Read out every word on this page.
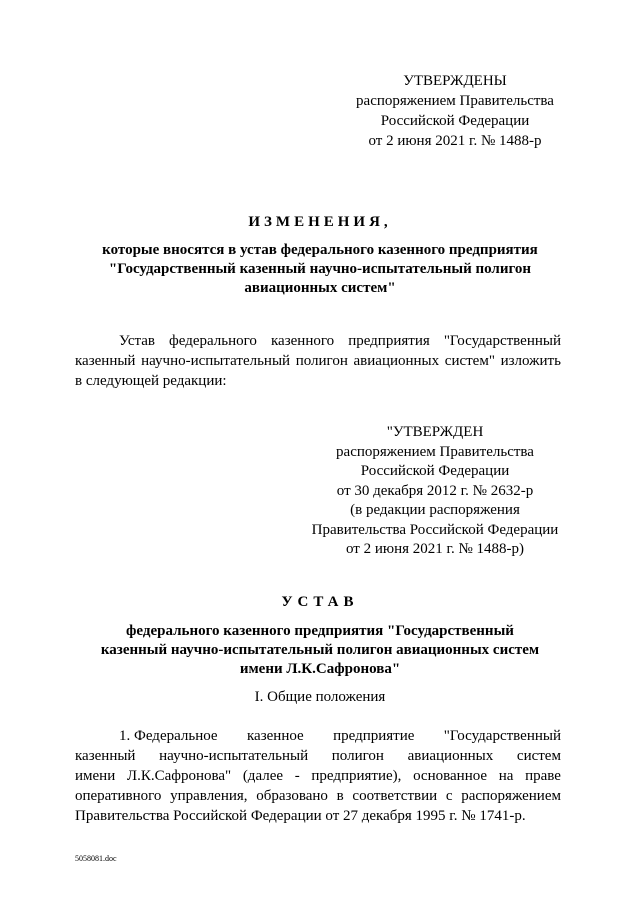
УТВЕРЖДЕНЫ
распоряжением Правительства
Российской Федерации
от 2 июня 2021 г. № 1488-р
ИЗМЕНЕНИЯ,
которые вносятся в устав федерального казенного предприятия
"Государственный казенный научно-испытательный полигон
авиационных систем"
Устав федерального казенного предприятия "Государственный
казенный научно-испытательный полигон авиационных систем" изложить
в следующей редакции:
"УТВЕРЖДЕН
распоряжением Правительства
Российской Федерации
от 30 декабря 2012 г. № 2632-р
(в редакции распоряжения
Правительства Российской Федерации
от 2 июня 2021 г. № 1488-р)
УСТАВ
федерального казенного предприятия "Государственный
казенный научно-испытательный полигон авиационных систем
имени Л.К.Сафронова"
I. Общие положения
1. Федеральное казенное предприятие "Государственный
казенный научно-испытательный полигон авиационных систем
имени Л.К.Сафронова" (далее - предприятие), основанное на праве
оперативного управления, образовано в соответствии с распоряжением
Правительства Российской Федерации от 27 декабря 1995 г. № 1741-р.
5058081.doc
